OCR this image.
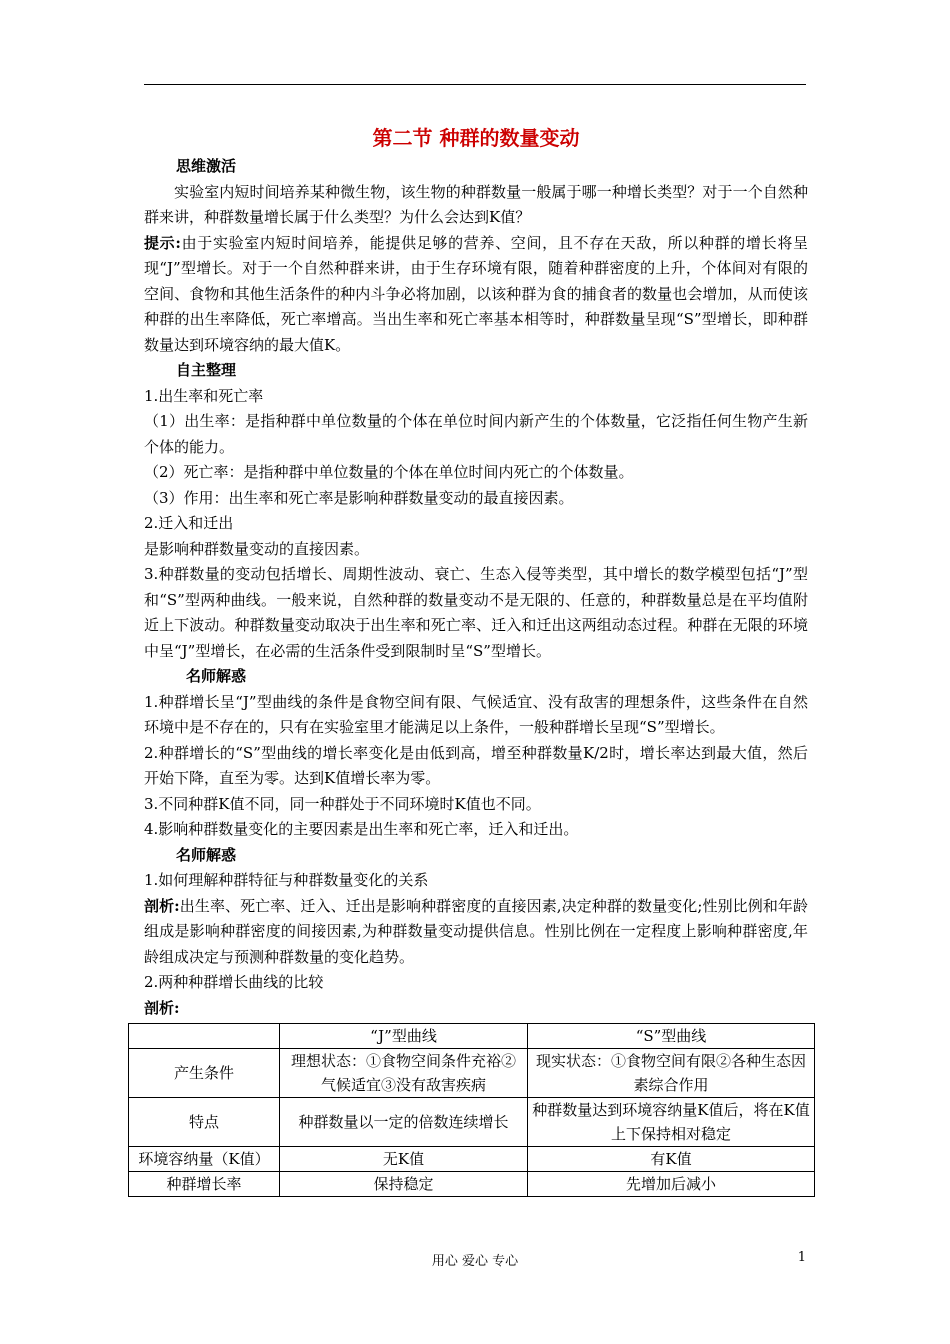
第二节 种群的数量变动
思维激活

实验室内短时间培养某种微生物，该生物的种群数量一般属于哪一种增长类型？对于一个自然种群来讲，种群数量增长属于什么类型？为什么会达到K值？

提示:由于实验室内短时间培养，能提供足够的营养、空间，且不存在天敌，所以种群的增长将呈现“J”型增长。对于一个自然种群来讲，由于生存环境有限，随着种群密度的上升，个体间对有限的空间、食物和其他生活条件的种内斗争必将加剧，以该种群为食的捕食者的数量也会增加，从而使该种群的出生率降低，死亡率增高。当出生率和死亡率基本相等时，种群数量呈现“S”型增长，即种群数量达到环境容纳的最大值K。

自主整理

1.出生率和死亡率

（1）出生率：是指种群中单位数量的个体在单位时间内新产生的个体数量，它泛指任何生物产生新个体的能力。

（2）死亡率：是指种群中单位数量的个体在单位时间内死亡的个体数量。

（3）作用：出生率和死亡率是影响种群数量变动的最直接因素。

2.迁入和迁出

是影响种群数量变动的直接因素。

3.种群数量的变动包括增长、周期性波动、衰亡、生态入侵等类型，其中增长的数学模型包括“J”型和“S”型两种曲线。一般来说，自然种群的数量变动不是无限的、任意的，种群数量总是在平均值附近上下波动。种群数量变动取决于出生率和死亡率、迁入和迁出这两组动态过程。种群在无限的环境中呈“J”型增长，在必需的生活条件受到限制时呈“S”型增长。

名师解惑

1.种群增长呈“J”型曲线的条件是食物空间有限、气候适宜、没有敌害的理想条件，这些条件在自然环境中是不存在的，只有在实验室里才能满足以上条件，一般种群增长呈现“S”型增长。

2.种群增长的“S”型曲线的增长率变化是由低到高，增至种群数量K/2时，增长率达到最大值，然后开始下降，直至为零。达到K值增长率为零。

3.不同种群K值不同，同一种群处于不同环境时K值也不同。

4.影响种群数量变化的主要因素是出生率和死亡率，迁入和迁出。

名师解惑

1.如何理解种群特征与种群数量变化的关系

剖析:出生率、死亡率、迁入、迁出是影响种群密度的直接因素,决定种群的数量变化;性别比例和年龄组成是影响种群密度的间接因素,为种群数量变动提供信息。性别比例在一定程度上影响种群密度,年龄组成决定与预测种群数量的变化趋势。

2.两种种群增长曲线的比较

剖析:

	“J”型曲线	“S”型曲线
产生条件	理想状态：①食物空间条件充裕②气候适宜③没有敌害疾病	现实状态：①食物空间有限②各种生态因素综合作用
特点	种群数量以一定的倍数连续增长	种群数量达到环境容纳量K值后，将在K值上下保持相对稳定
环境容纳量（K值）	无K值	有K值
种群增长率	保持稳定	先增加后减小
用心 爱心 专心	1
